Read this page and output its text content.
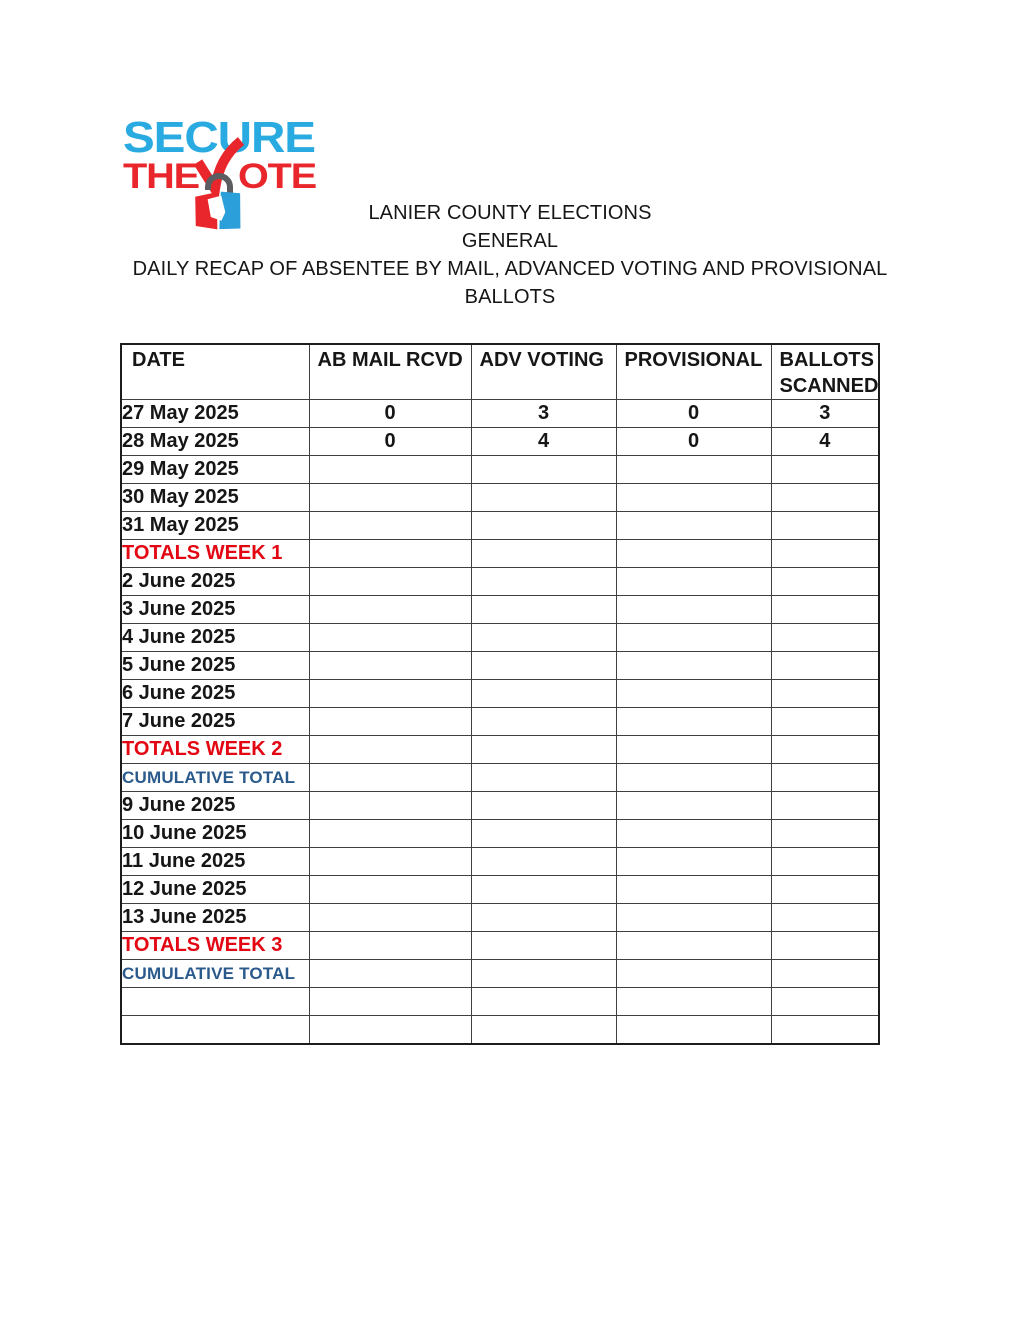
SECURE
THE OTE
LANIER COUNTY ELECTIONS
GENERAL
DAILY RECAP OF ABSENTEE BY MAIL, ADVANCED VOTING AND PROVISIONAL
BALLOTS
DATE	AB MAIL RCVD	ADV VOTING	PROVISIONAL	BALLOTS SCANNED
27 May 2025	0	3	0	3
28 May 2025	0	4	0	4
29 May 2025				
30 May 2025				
31 May 2025				
TOTALS WEEK 1				
2 June 2025				
3 June 2025				
4 June 2025				
5 June 2025				
6 June 2025				
7 June 2025				
TOTALS WEEK 2				
CUMULATIVE TOTAL				
9 June 2025				
10 June 2025				
11 June 2025				
12 June 2025				
13 June 2025				
TOTALS WEEK 3				
CUMULATIVE TOTAL				
